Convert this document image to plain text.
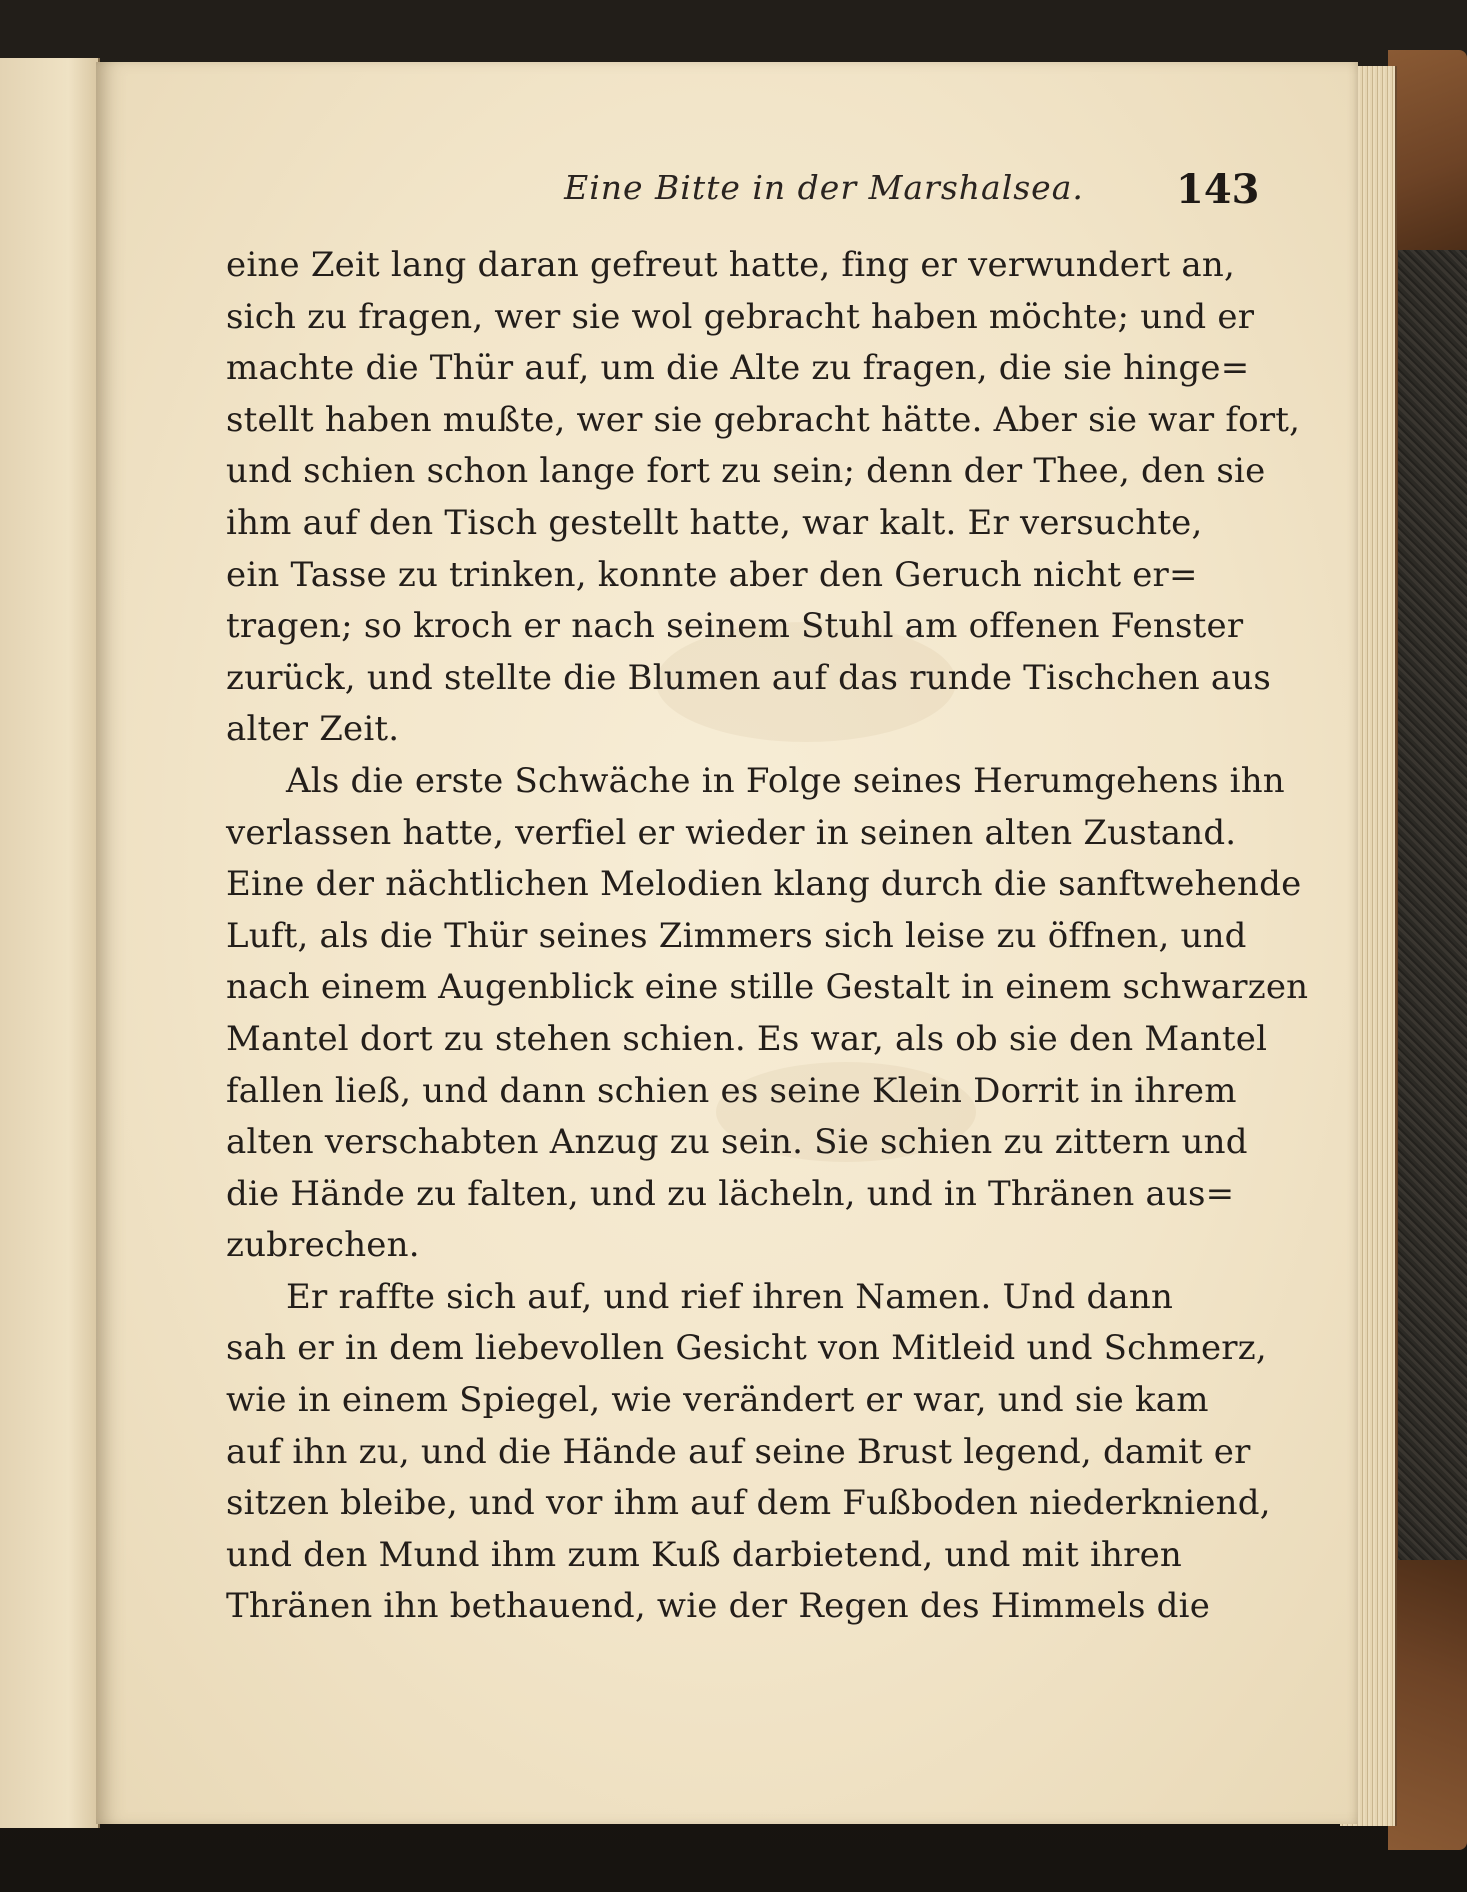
Eine Bitte in der Marshalsea.	143
eine Zeit lang daran gefreut hatte, fing er verwundert an,
sich zu fragen, wer sie wol gebracht haben möchte; und er
machte die Thür auf, um die Alte zu fragen, die sie hinge=
stellt haben mußte, wer sie gebracht hätte. Aber sie war fort,
und schien schon lange fort zu sein; denn der Thee, den sie
ihm auf den Tisch gestellt hatte, war kalt. Er versuchte,
ein Tasse zu trinken, konnte aber den Geruch nicht er=
tragen; so kroch er nach seinem Stuhl am offenen Fenster
zurück, und stellte die Blumen auf das runde Tischchen aus
alter Zeit.
Als die erste Schwäche in Folge seines Herumgehens ihn
verlassen hatte, verfiel er wieder in seinen alten Zustand.
Eine der nächtlichen Melodien klang durch die sanftwehende
Luft, als die Thür seines Zimmers sich leise zu öffnen, und
nach einem Augenblick eine stille Gestalt in einem schwarzen
Mantel dort zu stehen schien. Es war, als ob sie den Mantel
fallen ließ, und dann schien es seine Klein Dorrit in ihrem
alten verschabten Anzug zu sein. Sie schien zu zittern und
die Hände zu falten, und zu lächeln, und in Thränen aus=
zubrechen.
Er raffte sich auf, und rief ihren Namen. Und dann
sah er in dem liebevollen Gesicht von Mitleid und Schmerz,
wie in einem Spiegel, wie verändert er war, und sie kam
auf ihn zu, und die Hände auf seine Brust legend, damit er
sitzen bleibe, und vor ihm auf dem Fußboden niederkniend,
und den Mund ihm zum Kuß darbietend, und mit ihren
Thränen ihn bethauend, wie der Regen des Himmels die
